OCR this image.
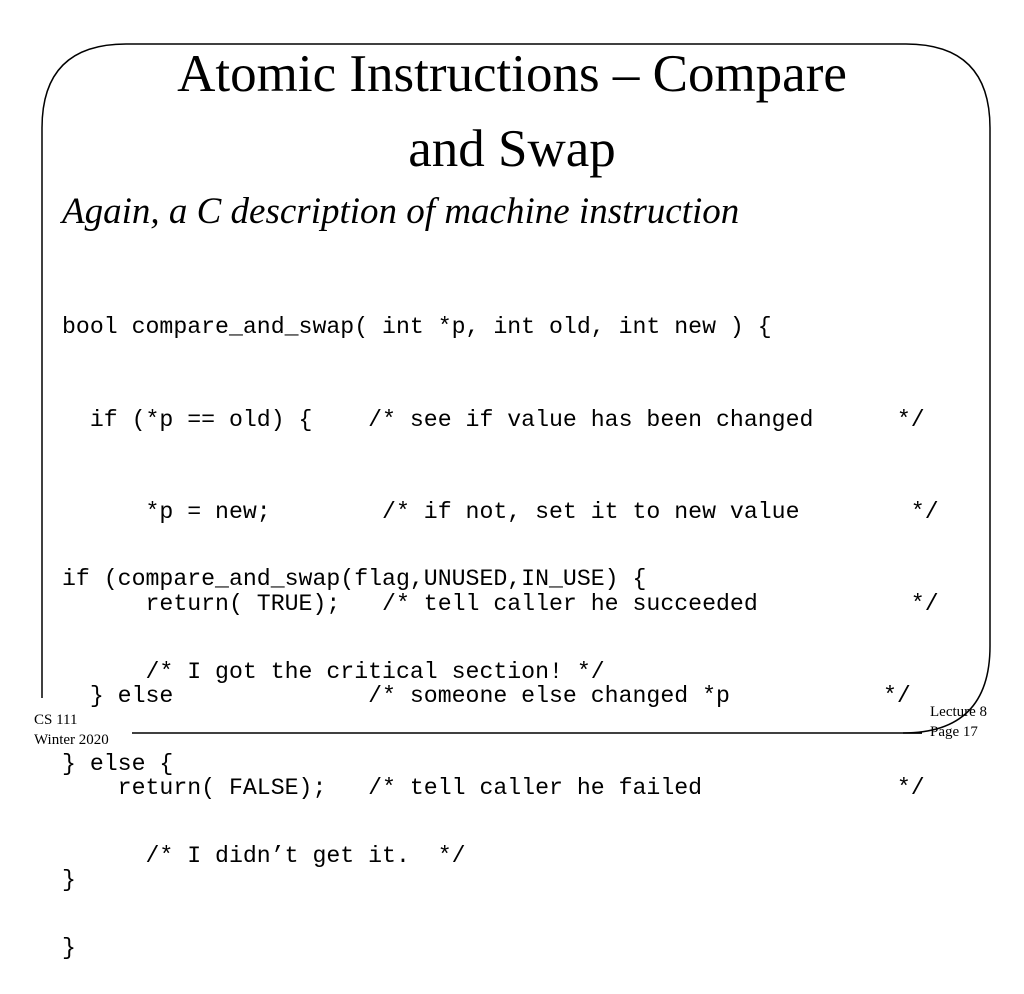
Atomic Instructions – Compare
and Swap
Again, a C description of machine instruction

bool compare_and_swap( int *p, int old, int new ) {

if (*p == old) {    /* see if value has been changed      */

*p = new;        /* if not, set it to new value        */

return( TRUE);   /* tell caller he succeeded           */

} else              /* someone else changed *p           */

return( FALSE);   /* tell caller he failed              */

}

if (compare_and_swap(flag,UNUSED,IN_USE) {

/* I got the critical section! */

} else {

/* I didn’t get it.  */

}

CS 111
Winter 2020
Lecture 8
Page 17
